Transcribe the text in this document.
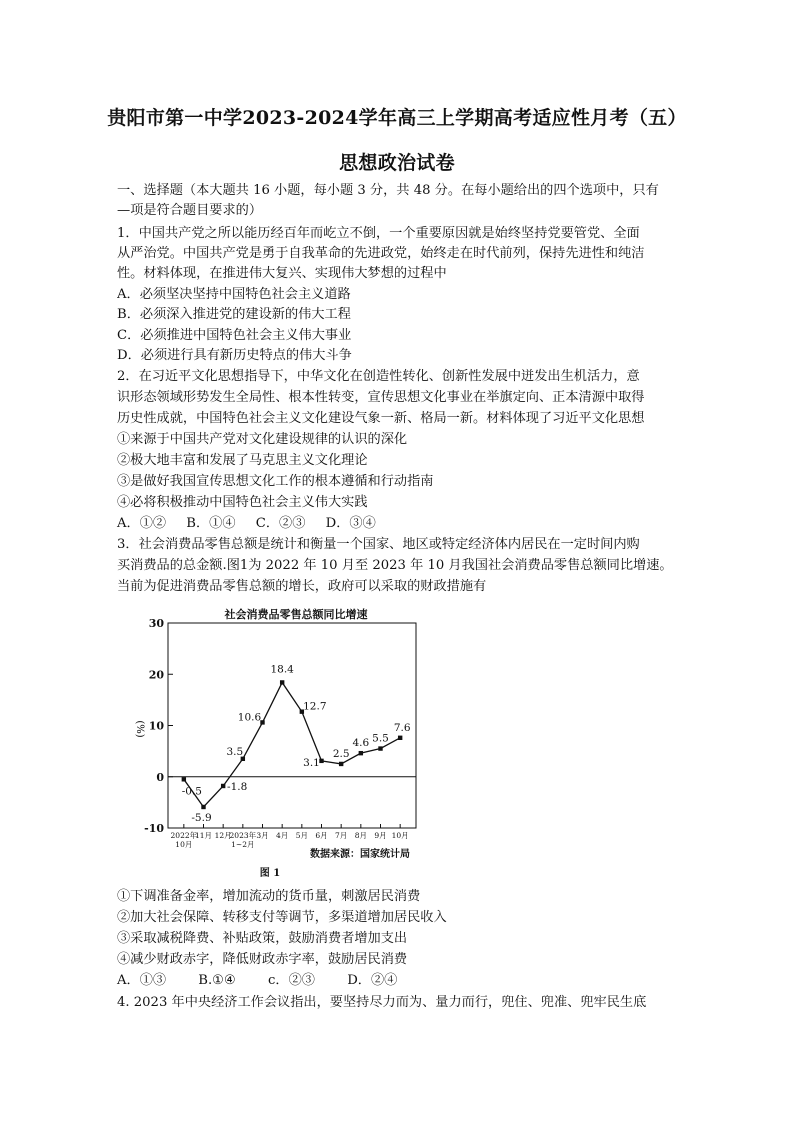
贵阳市第一中学2023-2024学年高三上学期高考适应性月考（五）
思想政治试卷
一、选择题（本大题共 16 小题，每小题 3 分，共 48 分。在每小题给出的四个选项中，只有
—项是符合题目要求的）
1．中国共产党之所以能历经百年而屹立不倒，一个重要原因就是始终坚持党要管党、全面
从严治党。中国共产党是勇于自我革命的先进政党，始终走在时代前列，保持先进性和纯洁
性。材料体现，在推进伟大复兴、实现伟大梦想的过程中
A．必须坚决坚持中国特色社会主义道路
B．必须深入推进党的建设新的伟大工程
C．必须推进中国特色社会主义伟大事业
D．必须进行具有新历史特点的伟大斗争
2．在习近平文化思想指导下，中华文化在创造性转化、创新性发展中迸发出生机活力，意
识形态领域形势发生全局性、根本性转变，宣传思想文化事业在举旗定向、正本清源中取得
历史性成就，中国特色社会主义文化建设气象一新、格局一新。材料体现了习近平文化思想
①来源于中国共产党对文化建设规律的认识的深化
②极大地丰富和发展了马克思主义文化理论
③是做好我国宣传思想文化工作的根本遵循和行动指南
④必将积极推动中国特色社会主义伟大实践
A．①② B．①④ C．②③ D．③④
3．社会消费品零售总额是统计和衡量一个国家、地区或特定经济体内居民在一定时间内购
买消费品的总金额.图1为 2022 年 10 月至 2023 年 10 月我国社会消费品零售总额同比增速。
当前为促进消费品零售总额的增长，政府可以采取的财政措施有
社会消费品零售总额同比增速
(%)
-10
0
10
20
30
2022年
10月
11月 12月
2023年
1~2月
3月 4月 5月 6月 7月 8月 9月 10月
-0.5
-5.9
-1.8
3.5
10.6
18.4
12.7
3.1
2.5
4.6 5.5
7.6
数据来源：国家统计局
图 1
①下调准备金率，增加流动的货币量，刺激居民消费
②加大社会保障、转移支付等调节，多渠道增加居民收入
③采取减税降费、补贴政策，鼓励消费者增加支出
④减少财政赤字，降低财政赤字率，鼓励居民消费
A．①③ B.①④ c．②③ D．②④
4. 2023 年中央经济工作会议指出，要坚持尽力而为、量力而行，兜住、兜准、兜牢民生底
